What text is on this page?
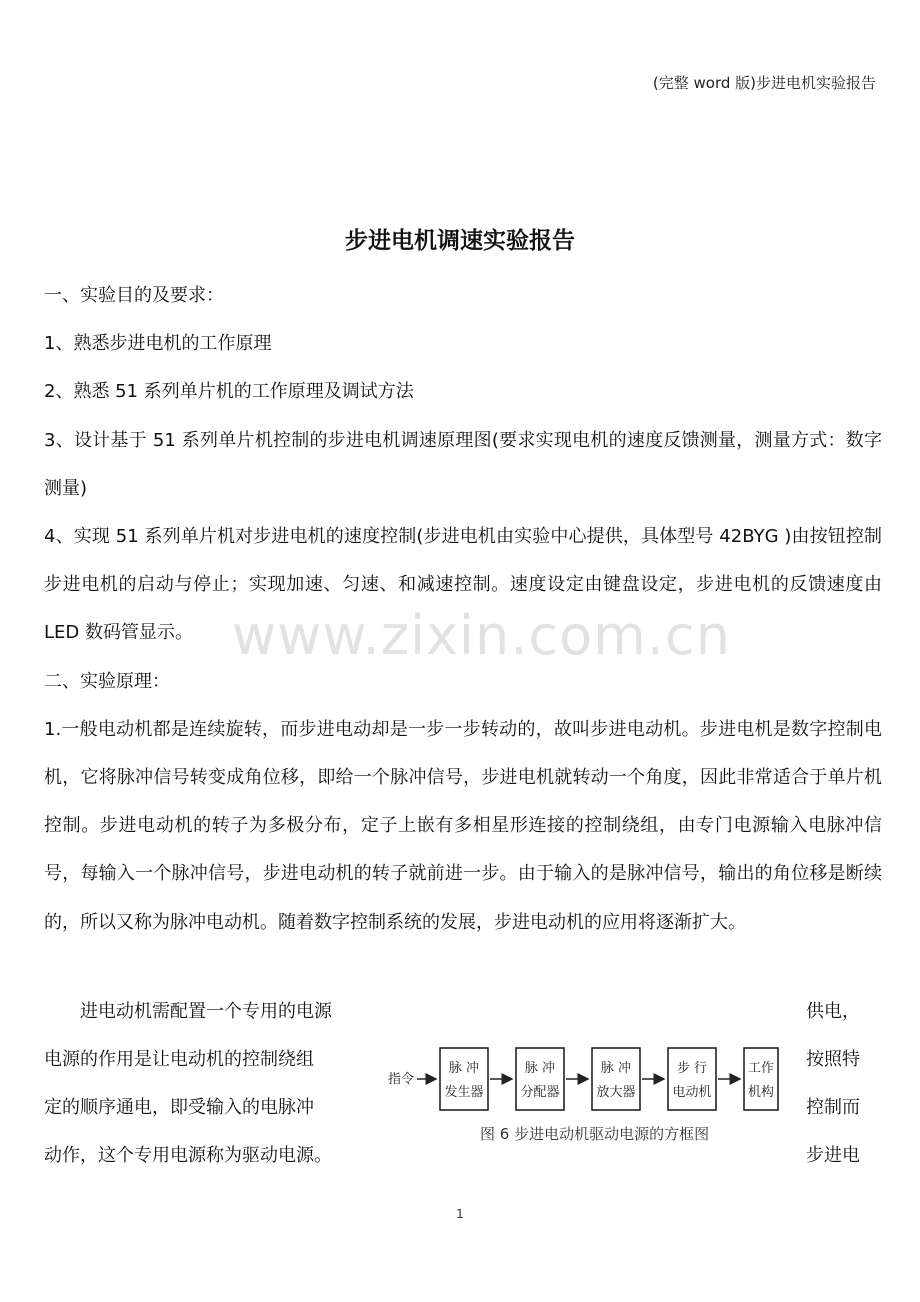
(完整 word 版)步进电机实验报告
步进电机调速实验报告

一、实验目的及要求：

1、熟悉步进电机的工作原理

2、熟悉 51 系列单片机的工作原理及调试方法

3、设计基于 51 系列单片机控制的步进电机调速原理图(要求实现电机的速度反馈测量，测量方式：数字测量)

4、实现 51 系列单片机对步进电机的速度控制(步进电机由实验中心提供，具体型号 42BYG )由按钮控制步进电机的启动与停止；实现加速、匀速、和减速控制。速度设定由键盘设定，步进电机的反馈速度由 LED 数码管显示。

二、实验原理：

1.一般电动机都是连续旋转，而步进电动却是一步一步转动的，故叫步进电动机。步进电机是数字控制电机，它将脉冲信号转变成角位移，即给一个脉冲信号，步进电机就转动一个角度，因此非常适合于单片机控制。步进电动机的转子为多极分布，定子上嵌有多相星形连接的控制绕组，由专门电源输入电脉冲信号，每输入一个脉冲信号，步进电动机的转子就前进一步。由于输入的是脉冲信号，输出的角位移是断续的，所以又称为脉冲电动机。随着数字控制系统的发展，步进电动机的应用将逐渐扩大。

www.zixin.com.cn
进电动机需配置一个专用的电源	供电，
电源的作用是让电动机的控制绕组	按照特
定的顺序通电，即受输入的电脉冲	控制而
动作，这个专用电源称为驱动电源。	步进电
指令
脉 冲
发生器
脉 冲
分配器
脉 冲
放大器
步 行
电动机
工作
机构
图 6 步进电动机驱动电源的方框图
1
